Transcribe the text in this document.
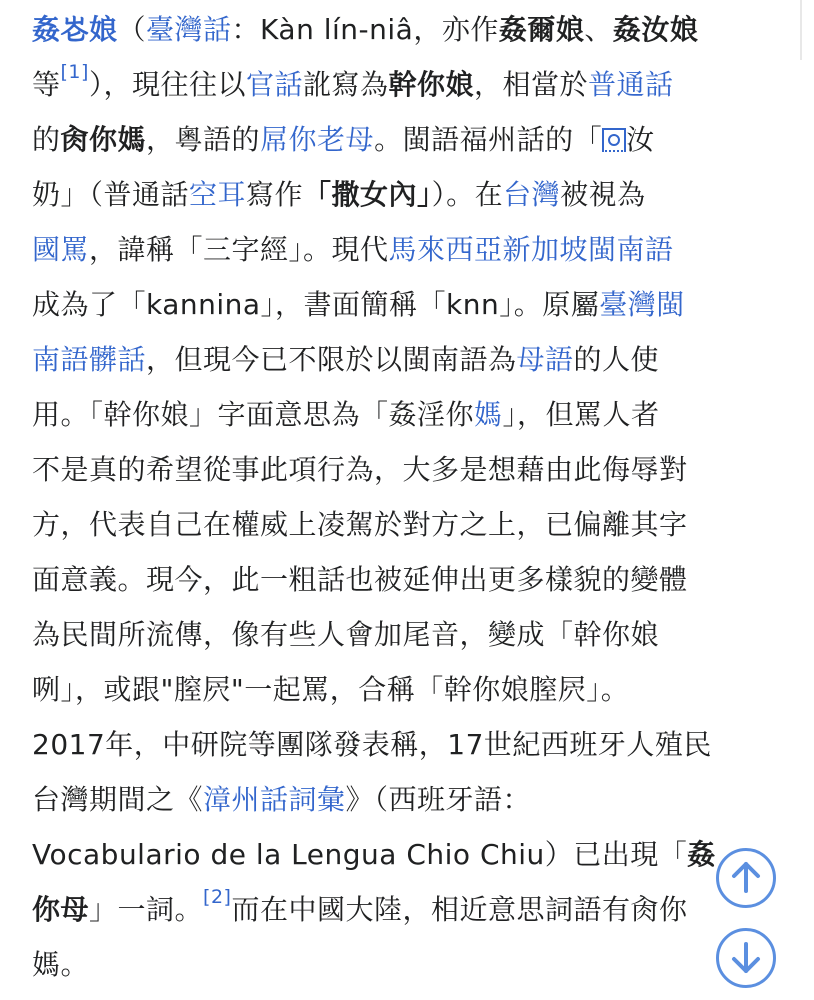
姦𪨧娘（臺灣話：Kàn lín-niâ，亦作姦爾娘、姦汝娘
等[1]），現往往以官話訛寫為幹你娘，相當於普通話
的肏你媽，粵語的屌你老母。閩語福州話的「 汝
奶」（普通話空耳寫作「撒女內」）。在台灣被視為
國罵，諱稱「三字經」。現代馬來西亞新加坡閩南語
成為了「kannina」，書面簡稱「knn」。原屬臺灣閩
南語髒話，但現今已不限於以閩南語為母語的人使
用。「幹你娘」字面意思為「姦淫你媽」，但罵人者
不是真的希望從事此項行為，大多是想藉由此侮辱對
方，代表自己在權威上凌駕於對方之上，已偏離其字
面意義。現今，此一粗話也被延伸出更多樣貌的變體
為民間所流傳，像有些人會加尾音，變成「幹你娘
咧」，或跟"膣屄"一起罵，合稱「幹你娘膣屄」。
2017年，中研院等團隊發表稱，17世紀西班牙人殖民
台灣期間之《漳州話詞彙》（西班牙語：
Vocabulario de la Lengua Chio Chiu）已出現「姦
你母」一詞。[2]而在中國大陸，相近意思詞語有肏你
媽。
